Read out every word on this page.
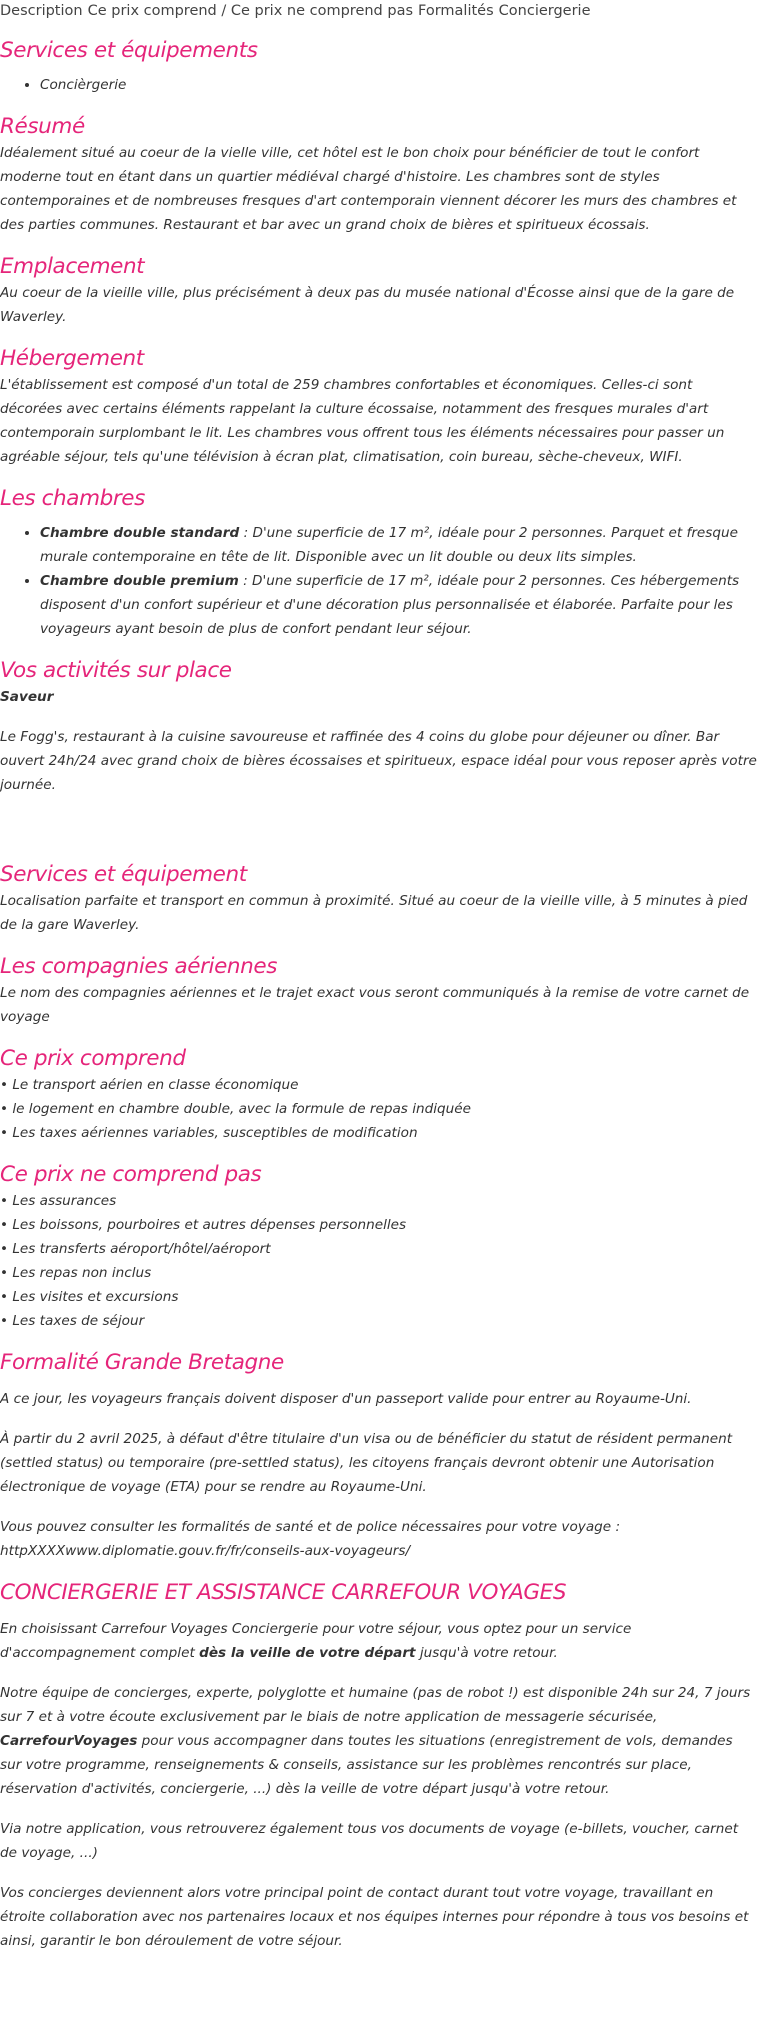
Description Ce prix comprend / Ce prix ne comprend pas Formalités Conciergerie
Services et équipements
• Concièrgerie
Résumé

Idéalement situé au coeur de la vielle ville, cet hôtel est le bon choix pour bénéficier de tout le confort moderne tout en étant dans un quartier médiéval chargé d'histoire. Les chambres sont de styles contemporaines et de nombreuses fresques d'art contemporain viennent décorer les murs des chambres et des parties communes. Restaurant et bar avec un grand choix de bières et spiritueux écossais.

Emplacement

Au coeur de la vieille ville, plus précisément à deux pas du musée national d'Écosse ainsi que de la gare de Waverley.

Hébergement

L'établissement est composé d'un total de 259 chambres confortables et économiques. Celles-ci sont décorées avec certains éléments rappelant la culture écossaise, notamment des fresques murales d'art contemporain surplombant le lit. Les chambres vous offrent tous les éléments nécessaires pour passer un agréable séjour, tels qu'une télévision à écran plat, climatisation, coin bureau, sèche-cheveux, WIFI.

Les chambres
• Chambre double standard : D'une superficie de 17 m², idéale pour 2 personnes. Parquet et fresque murale contemporaine en tête de lit. Disponible avec un lit double ou deux lits simples.
• Chambre double premium : D'une superficie de 17 m², idéale pour 2 personnes. Ces hébergements disposent d'un confort supérieur et d'une décoration plus personnalisée et élaborée. Parfaite pour les voyageurs ayant besoin de plus de confort pendant leur séjour.
Vos activités sur place

Saveur

Le Fogg's, restaurant à la cuisine savoureuse et raffinée des 4 coins du globe pour déjeuner ou dîner. Bar ouvert 24h/24 avec grand choix de bières écossaises et spiritueux, espace idéal pour vous reposer après votre journée.

Services et équipement

Localisation parfaite et transport en commun à proximité. Situé au coeur de la vieille ville, à 5 minutes à pied de la gare Waverley.

Les compagnies aériennes

Le nom des compagnies aériennes et le trajet exact vous seront communiqués à la remise de votre carnet de voyage

Ce prix comprend
• Le transport aérien en classe économique
• le logement en chambre double, avec la formule de repas indiquée
• Les taxes aériennes variables, susceptibles de modification
Ce prix ne comprend pas
• Les assurances
• Les boissons, pourboires et autres dépenses personnelles
• Les transferts aéroport/hôtel/aéroport
• Les repas non inclus
• Les visites et excursions
• Les taxes de séjour
Formalité Grande Bretagne

A ce jour, les voyageurs français doivent disposer d'un passeport valide pour entrer au Royaume-Uni.

À partir du 2 avril 2025, à défaut d'être titulaire d'un visa ou de bénéficier du statut de résident permanent (settled status) ou temporaire (pre-settled status), les citoyens français devront obtenir une Autorisation électronique de voyage (ETA) pour se rendre au Royaume-Uni.

Vous pouvez consulter les formalités de santé et de police nécessaires pour votre voyage :

httpXXXXwww.diplomatie.gouv.fr/fr/conseils-aux-voyageurs/

CONCIERGERIE ET ASSISTANCE CARREFOUR VOYAGES

En choisissant Carrefour Voyages Conciergerie pour votre séjour, vous optez pour un service d'accompagnement complet dès la veille de votre départ jusqu'à votre retour.

Notre équipe de concierges, experte, polyglotte et humaine (pas de robot !) est disponible 24h sur 24, 7 jours sur 7 et à votre écoute exclusivement par le biais de notre application de messagerie sécurisée, CarrefourVoyages pour vous accompagner dans toutes les situations (enregistrement de vols, demandes sur votre programme, renseignements & conseils, assistance sur les problèmes rencontrés sur place, réservation d'activités, conciergerie, ...) dès la veille de votre départ jusqu'à votre retour.

Via notre application, vous retrouverez également tous vos documents de voyage (e-billets, voucher, carnet de voyage, ...)

Vos concierges deviennent alors votre principal point de contact durant tout votre voyage, travaillant en étroite collaboration avec nos partenaires locaux et nos équipes internes pour répondre à tous vos besoins et ainsi, garantir le bon déroulement de votre séjour.
